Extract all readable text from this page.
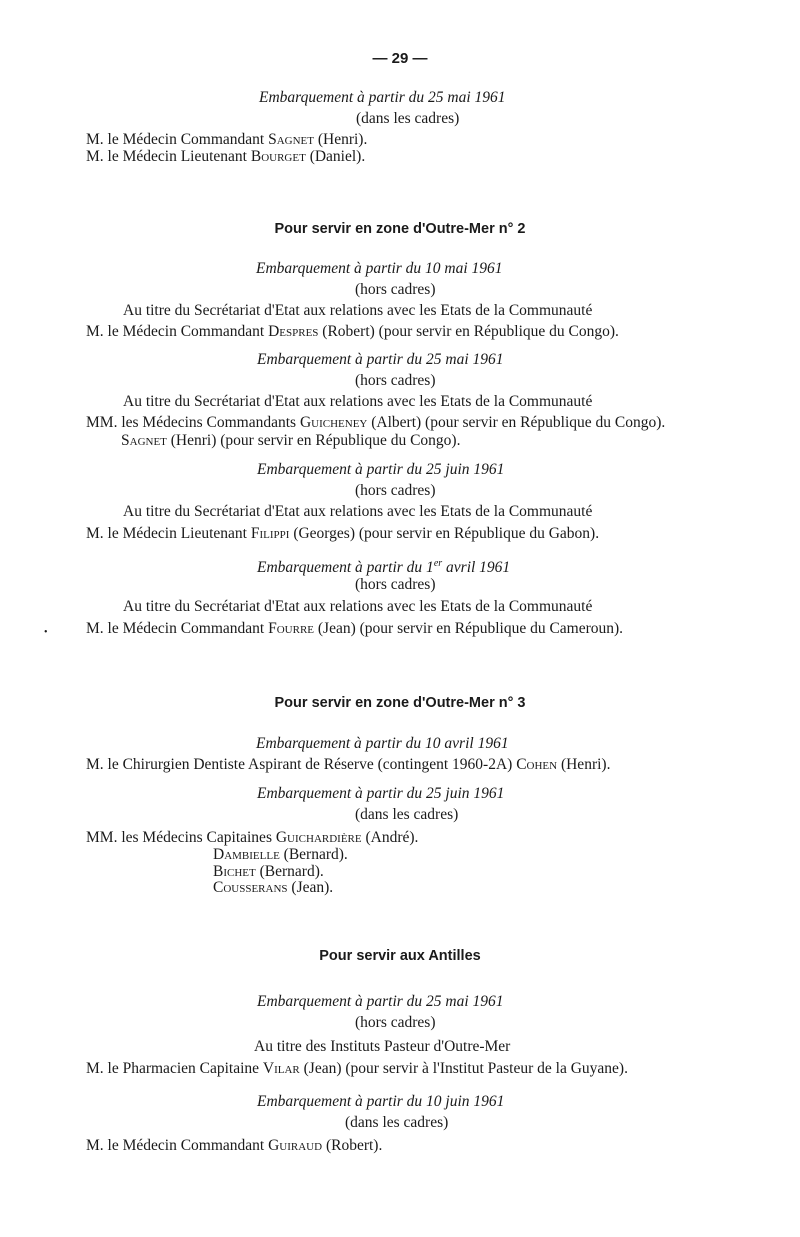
— 29 —
Embarquement à partir du 25 mai 1961
(dans les cadres)
M. le Médecin Commandant Sagnet (Henri).
M. le Médecin Lieutenant Bourget (Daniel).
Pour servir en zone d'Outre-Mer n° 2
Embarquement à partir du 10 mai 1961
(hors cadres)
Au titre du Secrétariat d'Etat aux relations avec les Etats de la Communauté
M. le Médecin Commandant Despres (Robert) (pour servir en République du Congo).
Embarquement à partir du 25 mai 1961
(hors cadres)
Au titre du Secrétariat d'Etat aux relations avec les Etats de la Communauté
MM. les Médecins Commandants Guicheney (Albert) (pour servir en République du Congo).
Sagnet (Henri) (pour servir en République du Congo).
Embarquement à partir du 25 juin 1961
(hors cadres)
Au titre du Secrétariat d'Etat aux relations avec les Etats de la Communauté
M. le Médecin Lieutenant Filippi (Georges) (pour servir en République du Gabon).
Embarquement à partir du 1er avril 1961
(hors cadres)
Au titre du Secrétariat d'Etat aux relations avec les Etats de la Communauté
• M. le Médecin Commandant Fourre (Jean) (pour servir en République du Cameroun).
Pour servir en zone d'Outre-Mer n° 3
Embarquement à partir du 10 avril 1961
M. le Chirurgien Dentiste Aspirant de Réserve (contingent 1960-2A) Cohen (Henri).
Embarquement à partir du 25 juin 1961
(dans les cadres)
MM. les Médecins Capitaines Guichardière (André).
Dambielle (Bernard).
Bichet (Bernard).
Cousserans (Jean).
Pour servir aux Antilles
Embarquement à partir du 25 mai 1961
(hors cadres)
Au titre des Instituts Pasteur d'Outre-Mer
M. le Pharmacien Capitaine Vilar (Jean) (pour servir à l'Institut Pasteur de la Guyane).
Embarquement à partir du 10 juin 1961
(dans les cadres)
M. le Médecin Commandant Guiraud (Robert).
